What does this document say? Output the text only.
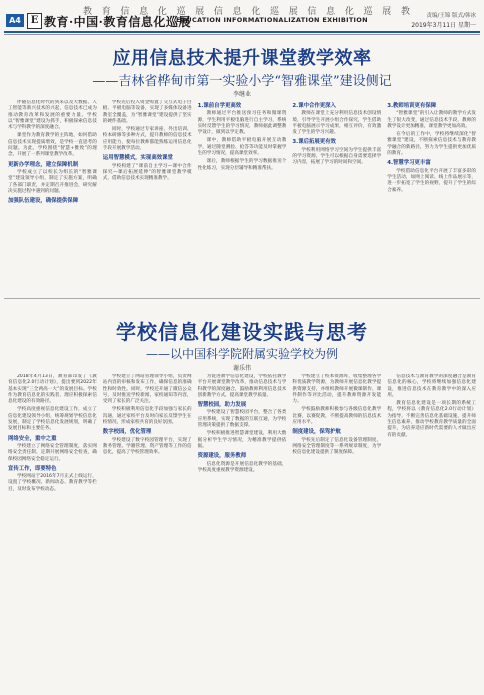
教 育 信 息 化 巡 展 信 息 化 巡 展 信 息 化 巡 展 教
A4 E 教育·中国·教育信息化巡展
EDUCATION INFORMATIONALIZATION EXHIBITION	责编/王锦 版式/韩冰
2019年3月11日 星期一
应用信息技术提升课堂教学效率
——吉林省桦甸市第一实验小学“智雅课堂”建设侧记
李继业

伴随信息化时代的到来以及大数据、人工智能等新兴技术的兴起，信息技术已成为推动教育改革和发展的重要力量。学校以“智雅课堂”建设为抓手，积极探索信息技术与学科教学的深度融合。

课堂作为教育教学的主阵地，如何借助信息技术实现提质增效，是学校一直思考的问题。为此，学校围绕“智慧+雅致”的理念，开展了一系列课堂教学改革。

更新办学理念，建立保障机制

学校成立了以校长为组长的“智雅课堂”建设领导小组，制定了实施方案，明确了各部门职责，并定期召开推进会，研究解决实施过程中遇到的问题。

加强队伍建设，确保提供保障

学校先后投入资金购置了交互式电子白板、平板电脑等设备，实现了多媒体设备进教室全覆盖，为“智雅课堂”建设提供了坚实的硬件基础。

同时，学校通过专家讲座、外出培训、校本研修等多种方式，提升教师的信息技术应用能力，使每位教师都能熟练运用信息化手段开展教学活动。

运用智慧模式，实现高效课堂

学校构建了“课前自主学习—课中合作探究—课后拓展延伸”的智雅课堂教学模式，借助信息技术实现精准教学。

1.课前自学更高效

教师通过平台推送预习任务和微课资源，学生利用平板电脑进行自主学习，系统实时反馈学生的学习情况，教师据此调整教学设计，做到以学定教。

课中，教师借助平板电脑开展互动教学，通过随堂测验、抢答等功能及时掌握学生的学习情况，提高课堂效率。

课后，教师根据学生的学习数据推送个性化练习，实现分层辅导和精准帮扶。

2.课中合作更深入

教师在课堂上充分利用信息技术创设情境，引导学生开展小组合作探究，学生借助平板电脑展示学习成果，相互评价，有效激发了学生的学习兴趣。

3.课后拓展更有效

学校利用网络学习空间为学生提供丰富的学习资源，学生可以根据自身需要选择学习内容，拓展了学习的时间和空间。

3.教师培训更有保障

“智雅课堂”的引入让教师的教学方式发生了很大改变，通过信息技术手段，教师的教学设计更加精准，课堂教学更加高效。

在今后的工作中，学校将继续深化“智雅课堂”建设，不断探索信息技术与教育教学融合的新路径，努力为学生提供更加优质的教育。

4.智慧学习更丰富

学校借助信息化平台开展了丰富多彩的学生活动，如网上阅读、线上作品展示等，进一步拓宽了学生的视野，提升了学生的综合素养。

学校信息化建设实践与思考
——以中国科学院附属实验学校为例
谢乐伟

2018年4月13日，教育部印发了《教育信息化2.0行动计划》，提出要到2022年基本实现“三全两高一大”的发展目标。学校作为教育信息化的实践者，理应积极探索信息化建设的有效路径。

学校高度重视信息化建设工作，成立了信息化建设领导小组，统筹规划学校信息化发展，制定了学校信息化发展规划，明确了发展目标和主要任务。

网络安全，重中之重

学校建立了网络安全管理制度，落实网络安全责任制，定期开展网络安全检查，确保校园网络安全稳定运行。

宣传工作，即要特色

学校网站于2016年7月正式上线运行，设置了学校概况、新闻动态、教育教学等栏目，及时发布学校动态。

学校建立了网站管理领导小组，负责网站内容的审核和发布工作，确保信息的准确性和时效性。同时，学校还开通了微信公众号，及时推送学校新闻、家校通知等内容，受到了家长的广泛关注。

学校积极利用信息化手段加强与家长的沟通，通过家校平台及时向家长反馈学生在校情况，形成家校共育的良好氛围。

数字校园，优化管理

学校建设了数字校园管理平台，实现了教务管理、学籍管理、资产管理等工作的信息化，提高了学校管理效率。

为促进教学信息化建设，学校依托教学平台开展课堂教学改革，推动信息技术与学科教学的深度融合，鼓励教师利用信息技术创新教学方式，提高课堂教学质量。

智慧校园，助力发展

学校建设了智慧校园平台，整合了各类应用系统，实现了数据的互联互通，为学校管理决策提供了数据支撑。

学校积极推进智慧课堂建设，利用大数据分析学生学习情况，为精准教学提供依据。

资源建设，服务教师

信息化资源是开展信息化教学的基础，学校高度重视教学资源建设。

学校建立了校本资源库，收集整理各学科优质教学资源，为教师开展信息化教学提供资源支持，并组织教师开展微课制作、课件制作等评比活动，提升教师资源开发能力。

学校鼓励教师积极参与各级信息化教学比赛，以赛促教，不断提高教师的信息技术应用水平。

制度建设，保驾护航

学校先后制定了信息化设备管理制度、网络安全管理制度等一系列规章制度，为学校信息化建设提供了制度保障。

信息技术与教育教学的深度融合是教育信息化的核心，学校将继续加强信息化建设，推进信息技术在教育教学中的深入应用。

教育信息化建设是一项长期的系统工程，学校将以《教育信息化2.0行动计划》为指导，不断完善信息化基础设施，提升师生信息素养，推动学校教育教学质量的全面提升，为培养适应新时代需要的人才做出应有的贡献。
